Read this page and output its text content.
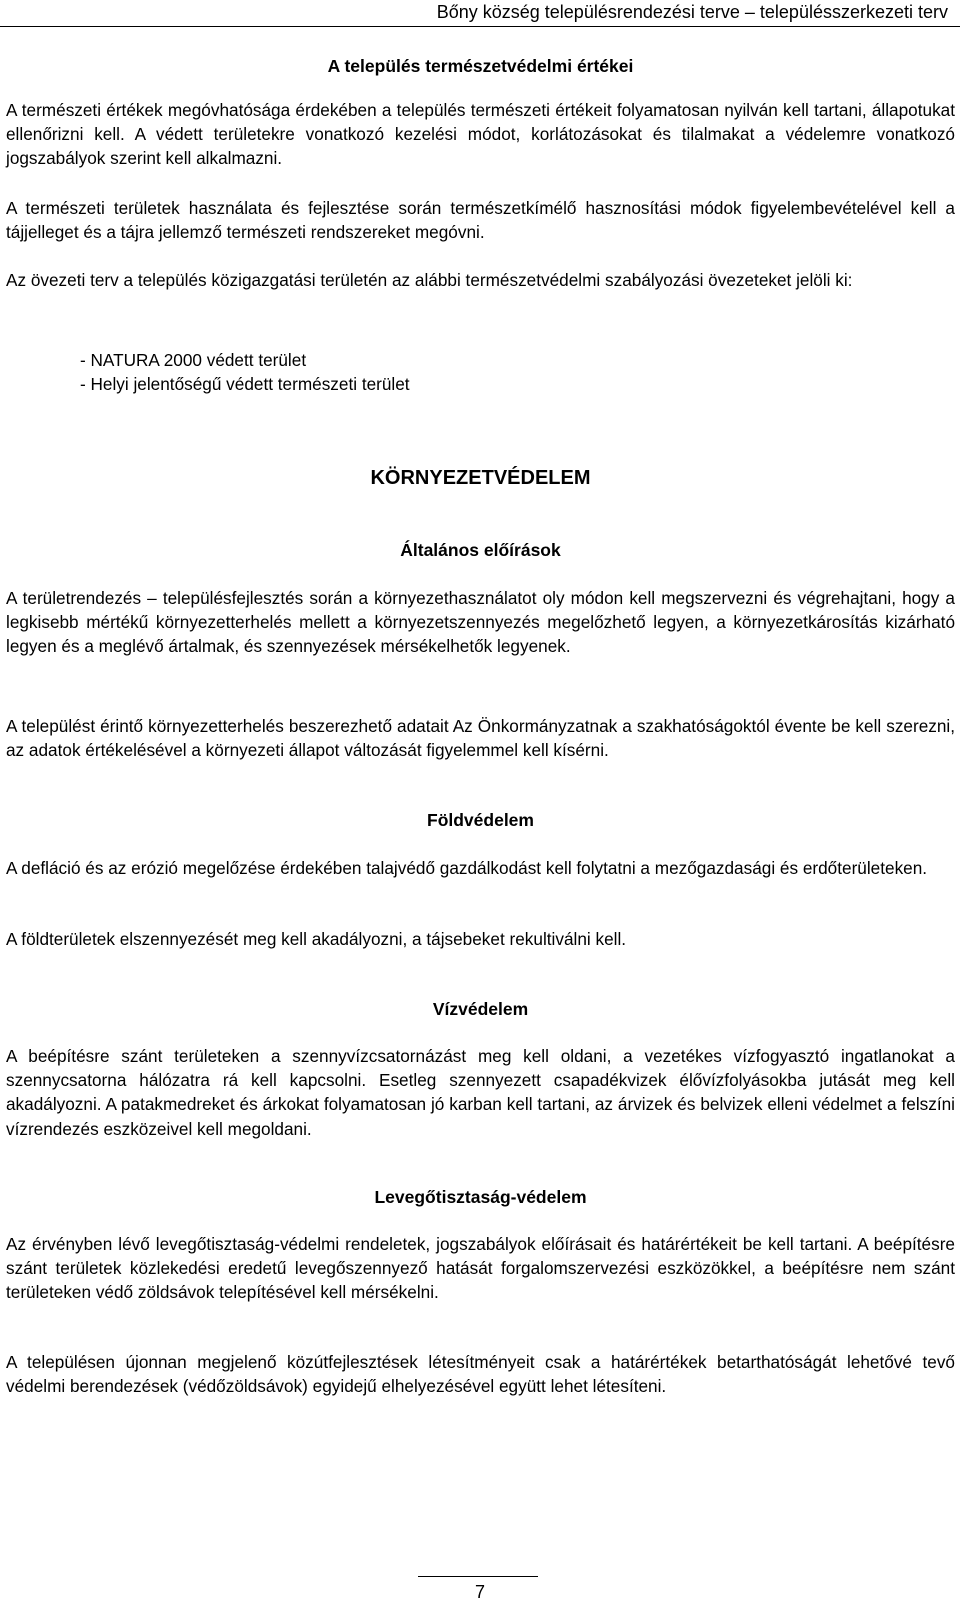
Bőny község településrendezési terve – településszerkezeti terv
A település természetvédelmi értékei

A természeti értékek megóvhatósága érdekében a település természeti értékeit folyamatosan nyilván kell tartani, állapotukat ellenőrizni kell. A védett területekre vonatkozó kezelési módot, korlátozásokat és tilalmakat a védelemre vonatkozó jogszabályok szerint kell alkalmazni.

A természeti területek használata és fejlesztése során természetkímélő hasznosítási módok figyelembevételével kell a tájjelleget és a tájra jellemző természeti rendszereket megóvni.

Az övezeti terv a település közigazgatási területén az alábbi természetvédelmi szabályozási övezeteket jelöli ki:

- NATURA 2000 védett terület
- Helyi jelentőségű védett természeti terület
KÖRNYEZETVÉDELEM
Általános előírások

A területrendezés – településfejlesztés során a környezethasználatot oly módon kell megszervezni és végrehajtani, hogy a legkisebb mértékű környezetterhelés mellett a környezetszennyezés megelőzhető legyen, a környezetkárosítás kizárható legyen és a meglévő ártalmak, és szennyezések mérsékelhetők legyenek.

A települést érintő környezetterhelés beszerezhető adatait Az Önkormányzatnak a szakhatóságoktól évente be kell szerezni, az adatok értékelésével a környezeti állapot változását figyelemmel kell kísérni.

Földvédelem

A defláció és az erózió megelőzése érdekében talajvédő gazdálkodást kell folytatni a mezőgazdasági és erdőterületeken.

A földterületek elszennyezését meg kell akadályozni, a tájsebeket rekultiválni kell.

Vízvédelem

A beépítésre szánt területeken a szennyvízcsatornázást meg kell oldani, a vezetékes vízfogyasztó ingatlanokat a szennycsatorna hálózatra rá kell kapcsolni. Esetleg szennyezett csapadékvizek élővízfolyásokba jutását meg kell akadályozni. A patakmedreket és árkokat folyamatosan jó karban kell tartani, az árvizek és belvizek elleni védelmet a felszíni vízrendezés eszközeivel kell megoldani.

Levegőtisztaság-védelem

Az érvényben lévő levegőtisztaság-védelmi rendeletek, jogszabályok előírásait és határértékeit be kell tartani. A beépítésre szánt területek közlekedési eredetű levegőszennyező hatását forgalomszervezési eszközökkel, a beépítésre nem szánt területeken védő zöldsávok telepítésével kell mérsékelni.

A településen újonnan megjelenő közútfejlesztések létesítményeit csak a határértékek betarthatóságát lehetővé tevő védelmi berendezések (védőzöldsávok) egyidejű elhelyezésével együtt lehet létesíteni.

7
